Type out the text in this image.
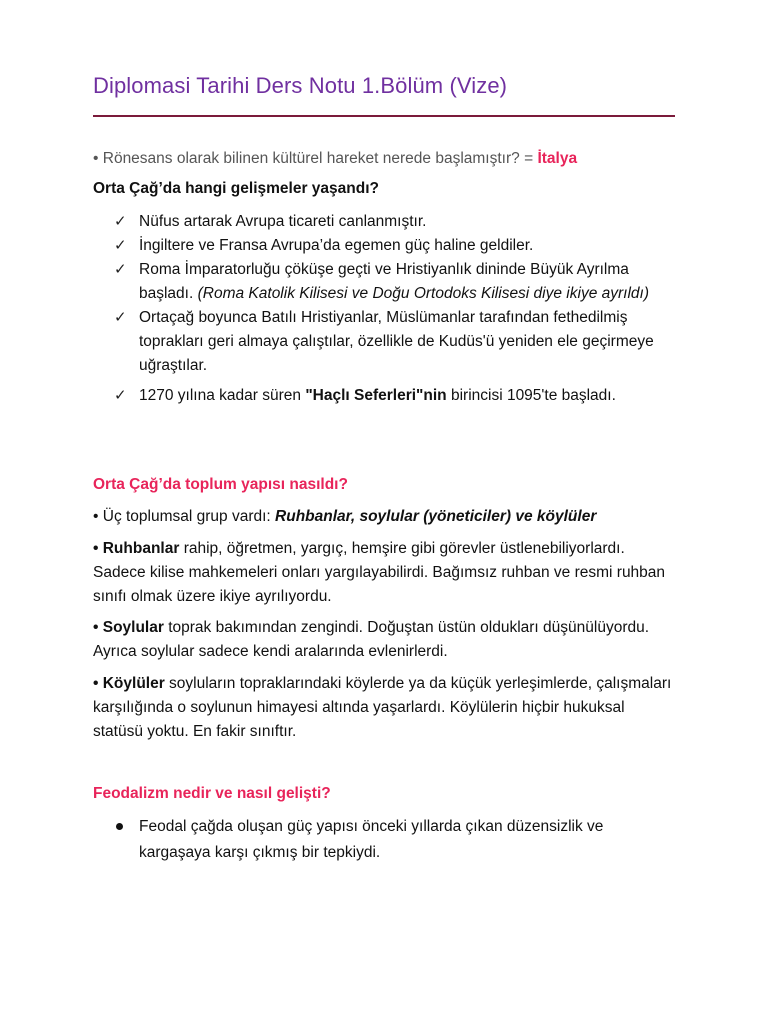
Diplomasi Tarihi Ders Notu 1.Bölüm (Vize)
• Rönesans olarak bilinen kültürel hareket nerede başlamıştır? = İtalya
Orta Çağ’da hangi gelişmeler yaşandı?
✓ Nüfus artarak Avrupa ticareti canlanmıştır.
✓ İngiltere ve Fransa Avrupa’da egemen güç haline geldiler.
✓ Roma İmparatorluğu çöküşe geçti ve Hristiyanlık dininde Büyük Ayrılma başladı. (Roma Katolik Kilisesi ve Doğu Ortodoks Kilisesi diye ikiye ayrıldı)
✓ Ortaçağ boyunca Batılı Hristiyanlar, Müslümanlar tarafından fethedilmiş toprakları geri almaya çalıştılar, özellikle de Kudüs'ü yeniden ele geçirmeye uğraştılar.
✓ 1270 yılına kadar süren "Haçlı Seferleri"nin birincisi 1095'te başladı.
Orta Çağ’da toplum yapısı nasıldı?
• Üç toplumsal grup vardı: Ruhbanlar, soylular (yöneticiler) ve köylüler
• Ruhbanlar rahip, öğretmen, yargıç, hemşire gibi görevler üstlenebiliyorlardı. Sadece kilise mahkemeleri onları yargılayabilirdi. Bağımsız ruhban ve resmi ruhban sınıfı olmak üzere ikiye ayrılıyordu.
• Soylular toprak bakımından zengindi. Doğuştan üstün oldukları düşünülüyordu. Ayrıca soylular sadece kendi aralarında evlenirlerdi.
• Köylüler soyluların topraklarındaki köylerde ya da küçük yerleşimlerde, çalışmaları karşılığında o soylunun himayesi altında yaşarlardı. Köylülerin hiçbir hukuksal statüsü yoktu. En fakir sınıftır.
Feodalizm nedir ve nasıl gelişti?
Feodal çağda oluşan güç yapısı önceki yıllarda çıkan düzensizlik ve kargaşaya karşı çıkmış bir tepkiydi.
